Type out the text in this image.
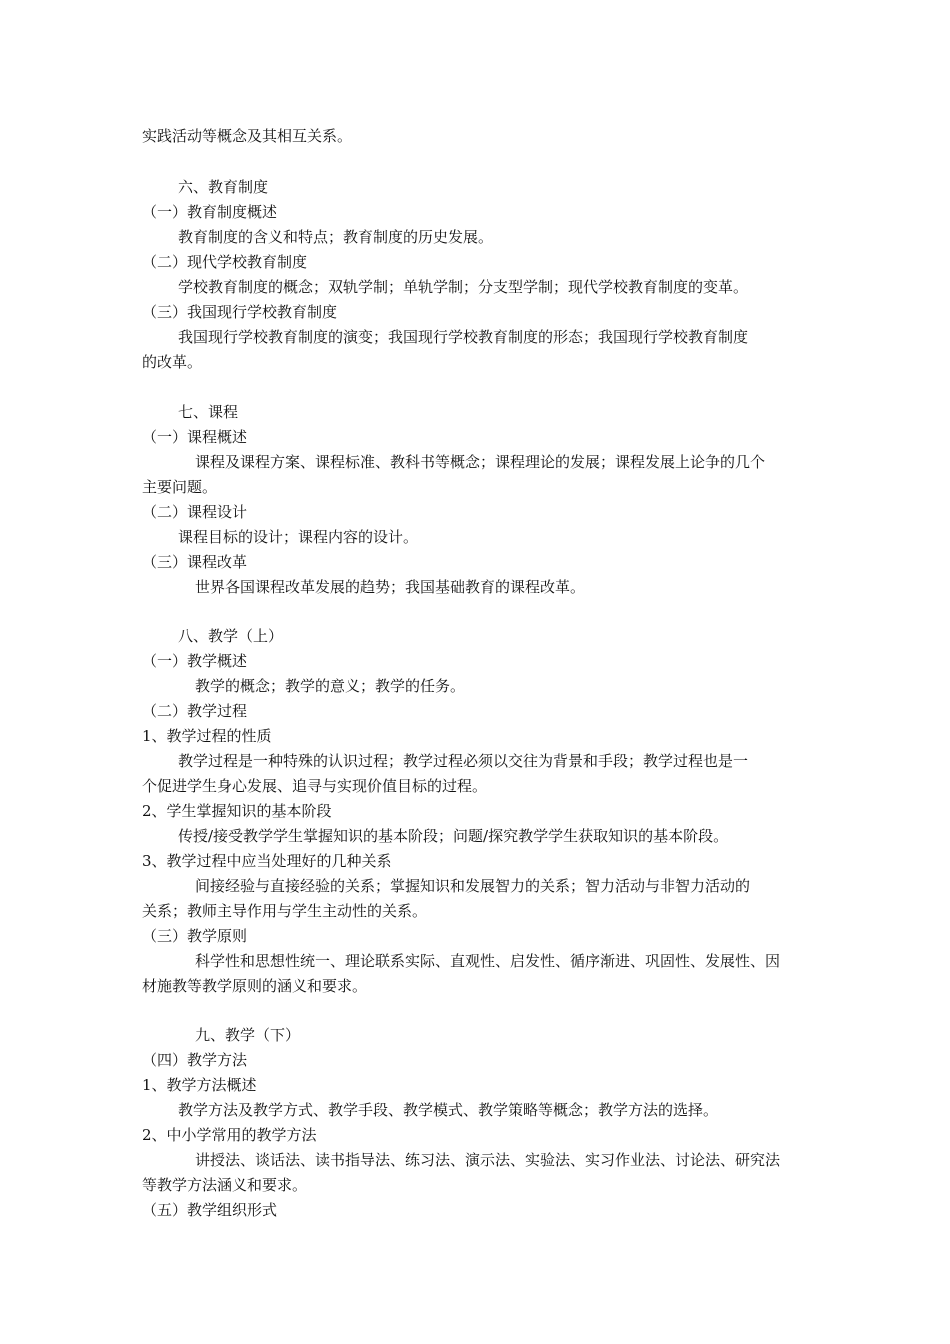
实践活动等概念及其相互关系。
六、教育制度
（一）教育制度概述
教育制度的含义和特点；教育制度的历史发展。
（二）现代学校教育制度
学校教育制度的概念；双轨学制；单轨学制；分支型学制；现代学校教育制度的变革。
（三）我国现行学校教育制度
我国现行学校教育制度的演变；我国现行学校教育制度的形态；我国现行学校教育制度
的改革。
七、课程
（一）课程概述
课程及课程方案、课程标准、教科书等概念；课程理论的发展；课程发展上论争的几个
主要问题。
（二）课程设计
课程目标的设计；课程内容的设计。
（三）课程改革
世界各国课程改革发展的趋势；我国基础教育的课程改革。
八、教学（上）
（一）教学概述
教学的概念；教学的意义；教学的任务。
（二）教学过程
1、教学过程的性质
教学过程是一种特殊的认识过程；教学过程必须以交往为背景和手段；教学过程也是一
个促进学生身心发展、追寻与实现价值目标的过程。
2、学生掌握知识的基本阶段
传授/接受教学学生掌握知识的基本阶段；问题/探究教学学生获取知识的基本阶段。
3、教学过程中应当处理好的几种关系
间接经验与直接经验的关系；掌握知识和发展智力的关系；智力活动与非智力活动的
关系；教师主导作用与学生主动性的关系。
（三）教学原则
科学性和思想性统一、理论联系实际、直观性、启发性、循序渐进、巩固性、发展性、因
材施教等教学原则的涵义和要求。
九、教学（下）
（四）教学方法
1、教学方法概述
教学方法及教学方式、教学手段、教学模式、教学策略等概念；教学方法的选择。
2、中小学常用的教学方法
讲授法、谈话法、读书指导法、练习法、演示法、实验法、实习作业法、讨论法、研究法
等教学方法涵义和要求。
（五）教学组织形式
